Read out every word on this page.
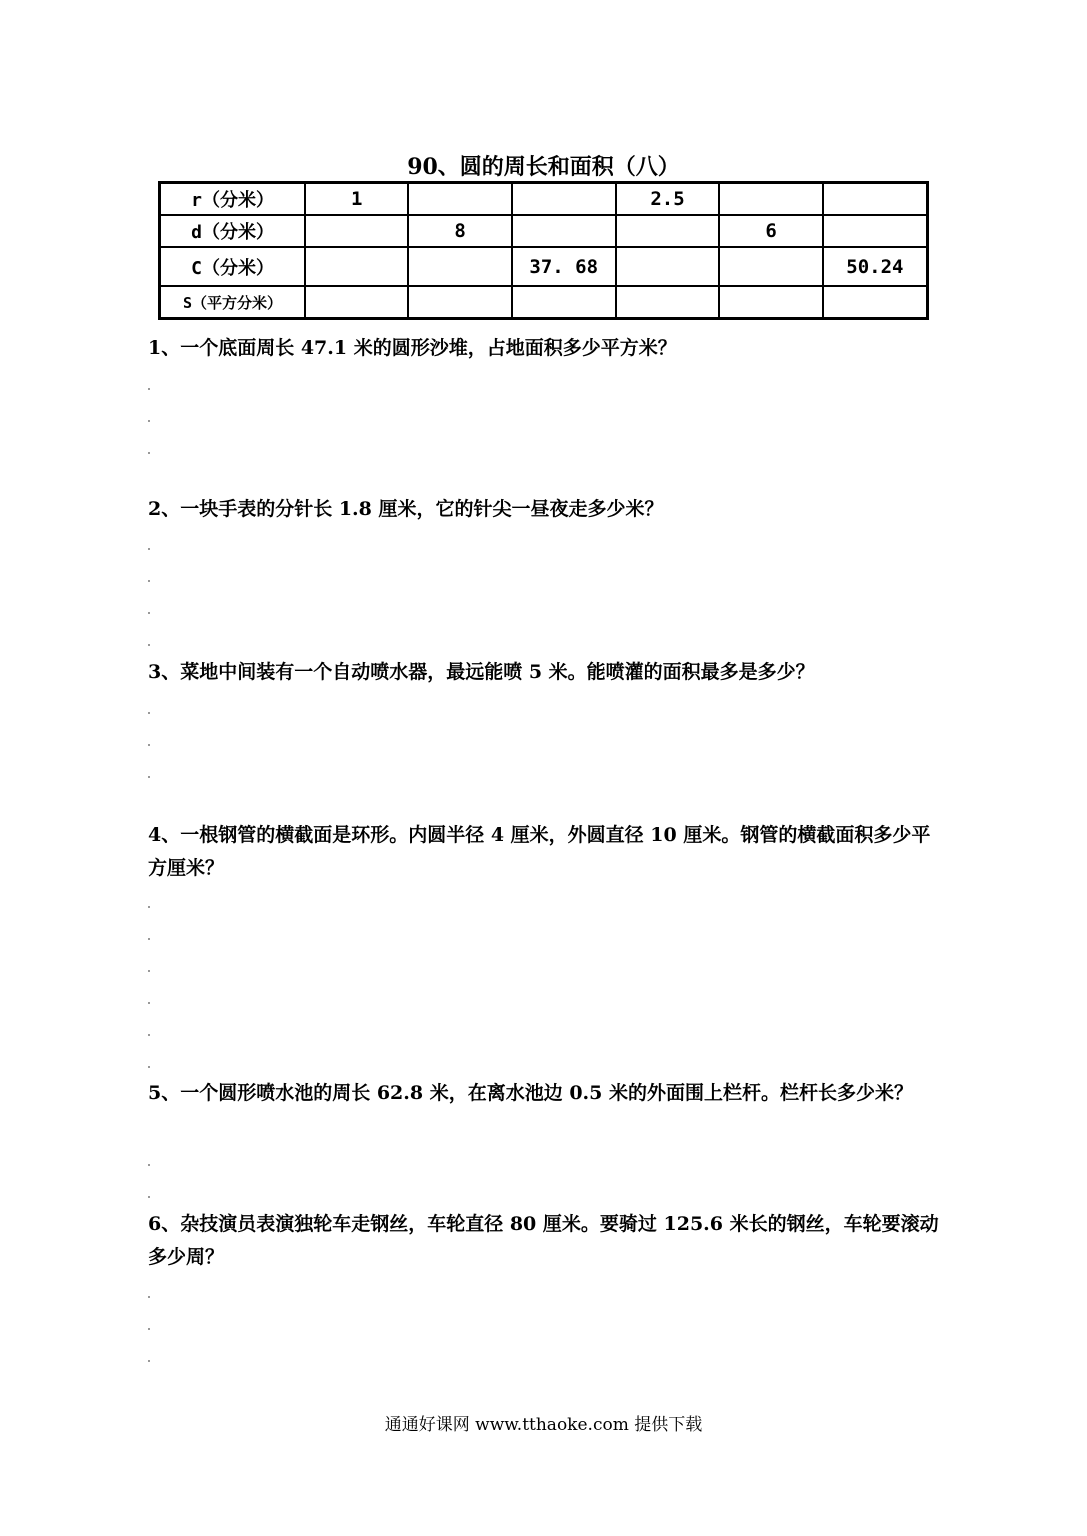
90、圆的周长和面积（八）
r（分米）	1			2.5		
d（分米）		8			6	
C（分米）			37. 68			50.24
S（平方分米）						
1、一个底面周长 47.1 米的圆形沙堆，占地面积多少平方米？
2、一块手表的分针长 1.8 厘米，它的针尖一昼夜走多少米？
3、菜地中间装有一个自动喷水器，最远能喷 5 米。能喷灌的面积最多是多少？
4、一根钢管的横截面是环形。内圆半径 4 厘米，外圆直径 10 厘米。钢管的横截面积多少平方厘米？
5、一个圆形喷水池的周长 62.8 米，在离水池边 0.5 米的外面围上栏杆。栏杆长多少米？
6、杂技演员表演独轮车走钢丝，车轮直径 80 厘米。要骑过 125.6 米长的钢丝，车轮要滚动多少周？
通通好课网 www.tthaoke.com 提供下载
